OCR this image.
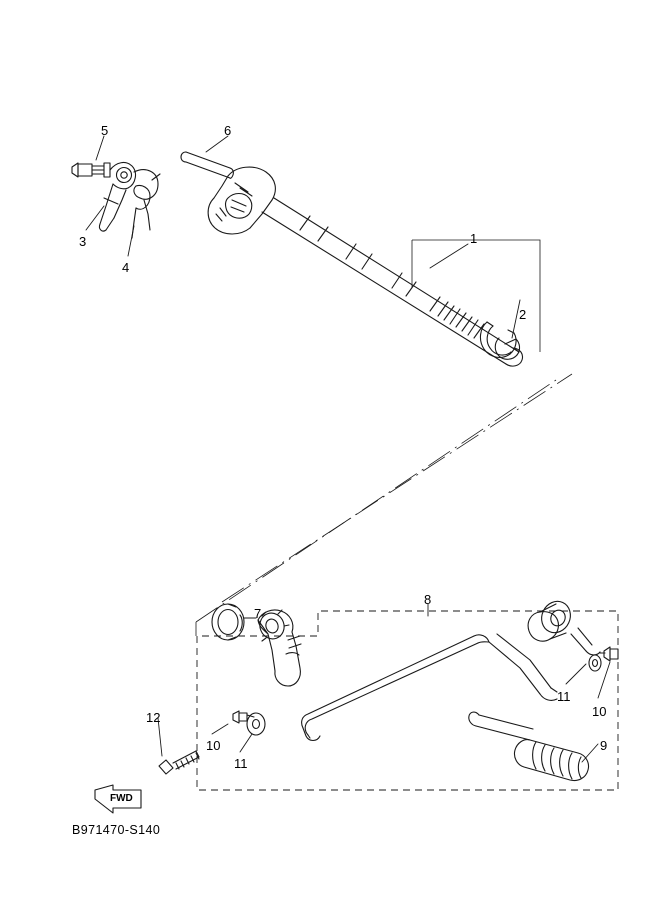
5	6
3
4
1
2
7
8
11
10
9
12
10
11
FWD
B971470-S140
